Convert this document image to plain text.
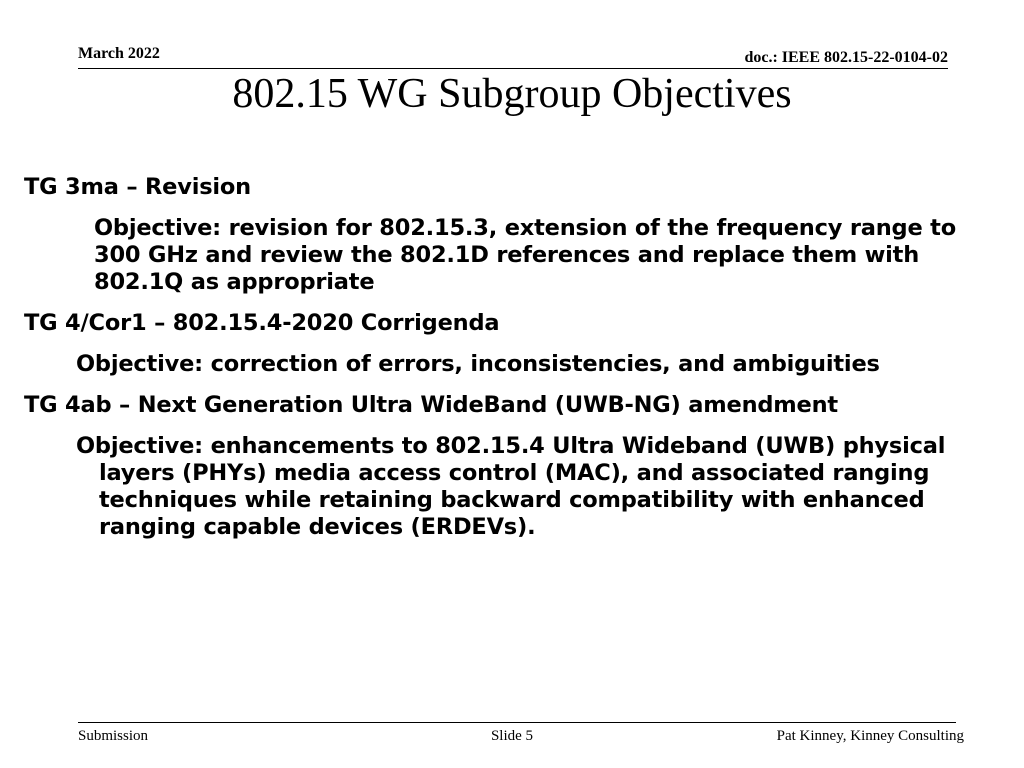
March 2022	doc.: IEEE 802.15-22-0104-02
802.15 WG Subgroup Objectives
TG 3ma – Revision
Objective: revision for 802.15.3, extension of the frequency range to 300 GHz and review the 802.1D references and replace them with 802.1Q as appropriate
TG 4/Cor1 – 802.15.4-2020 Corrigenda
Objective: correction of errors, inconsistencies, and ambiguities
TG 4ab – Next Generation Ultra WideBand (UWB-NG) amendment
Objective: enhancements to 802.15.4 Ultra Wideband (UWB) physical layers (PHYs) media access control (MAC), and associated ranging techniques while retaining backward compatibility with enhanced ranging capable devices (ERDEVs).
Submission	Slide 5	Pat Kinney, Kinney Consulting
